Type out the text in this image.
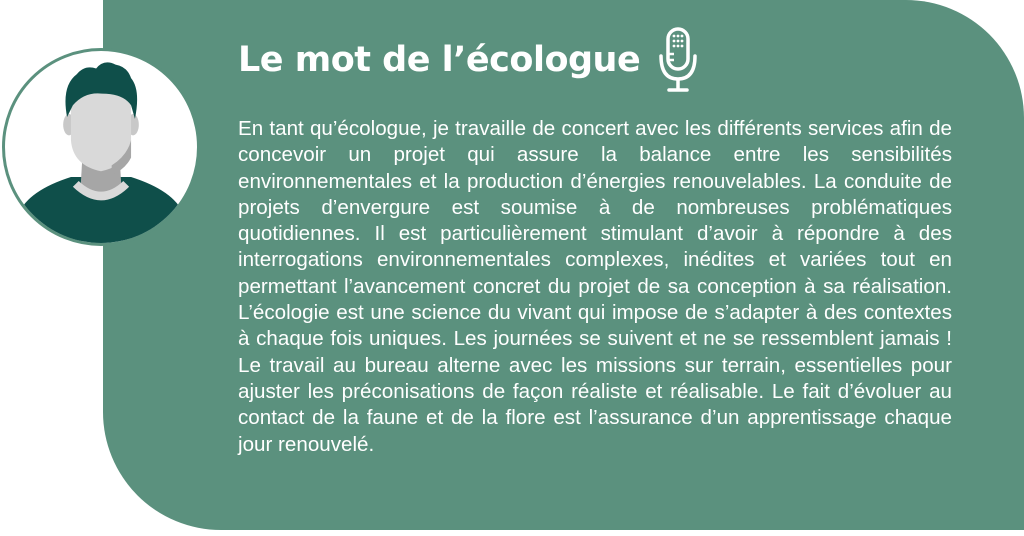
Le mot de l’écologue

En tant qu’écologue, je travaille de concert avec les différents services afin de concevoir un projet qui assure la balance entre les sensibilités environnementales et la production d’énergies renouvelables. La conduite de projets d’envergure est soumise à de nombreuses problématiques quotidiennes. Il est particulièrement stimulant d’avoir à répondre à des interrogations environnementales complexes, inédites et variées tout en permettant l’avancement concret du projet de sa conception à sa réalisation. L’écologie est une science du vivant qui impose de s’adapter à des contextes à chaque fois uniques. Les journées se suivent et ne se ressemblent jamais ! Le travail au bureau alterne avec les missions sur terrain, essentielles pour ajuster les préconisations de façon réaliste et réalisable. Le fait d’évoluer au contact de la faune et de la flore est l’assurance d’un apprentissage chaque jour renouvelé.
